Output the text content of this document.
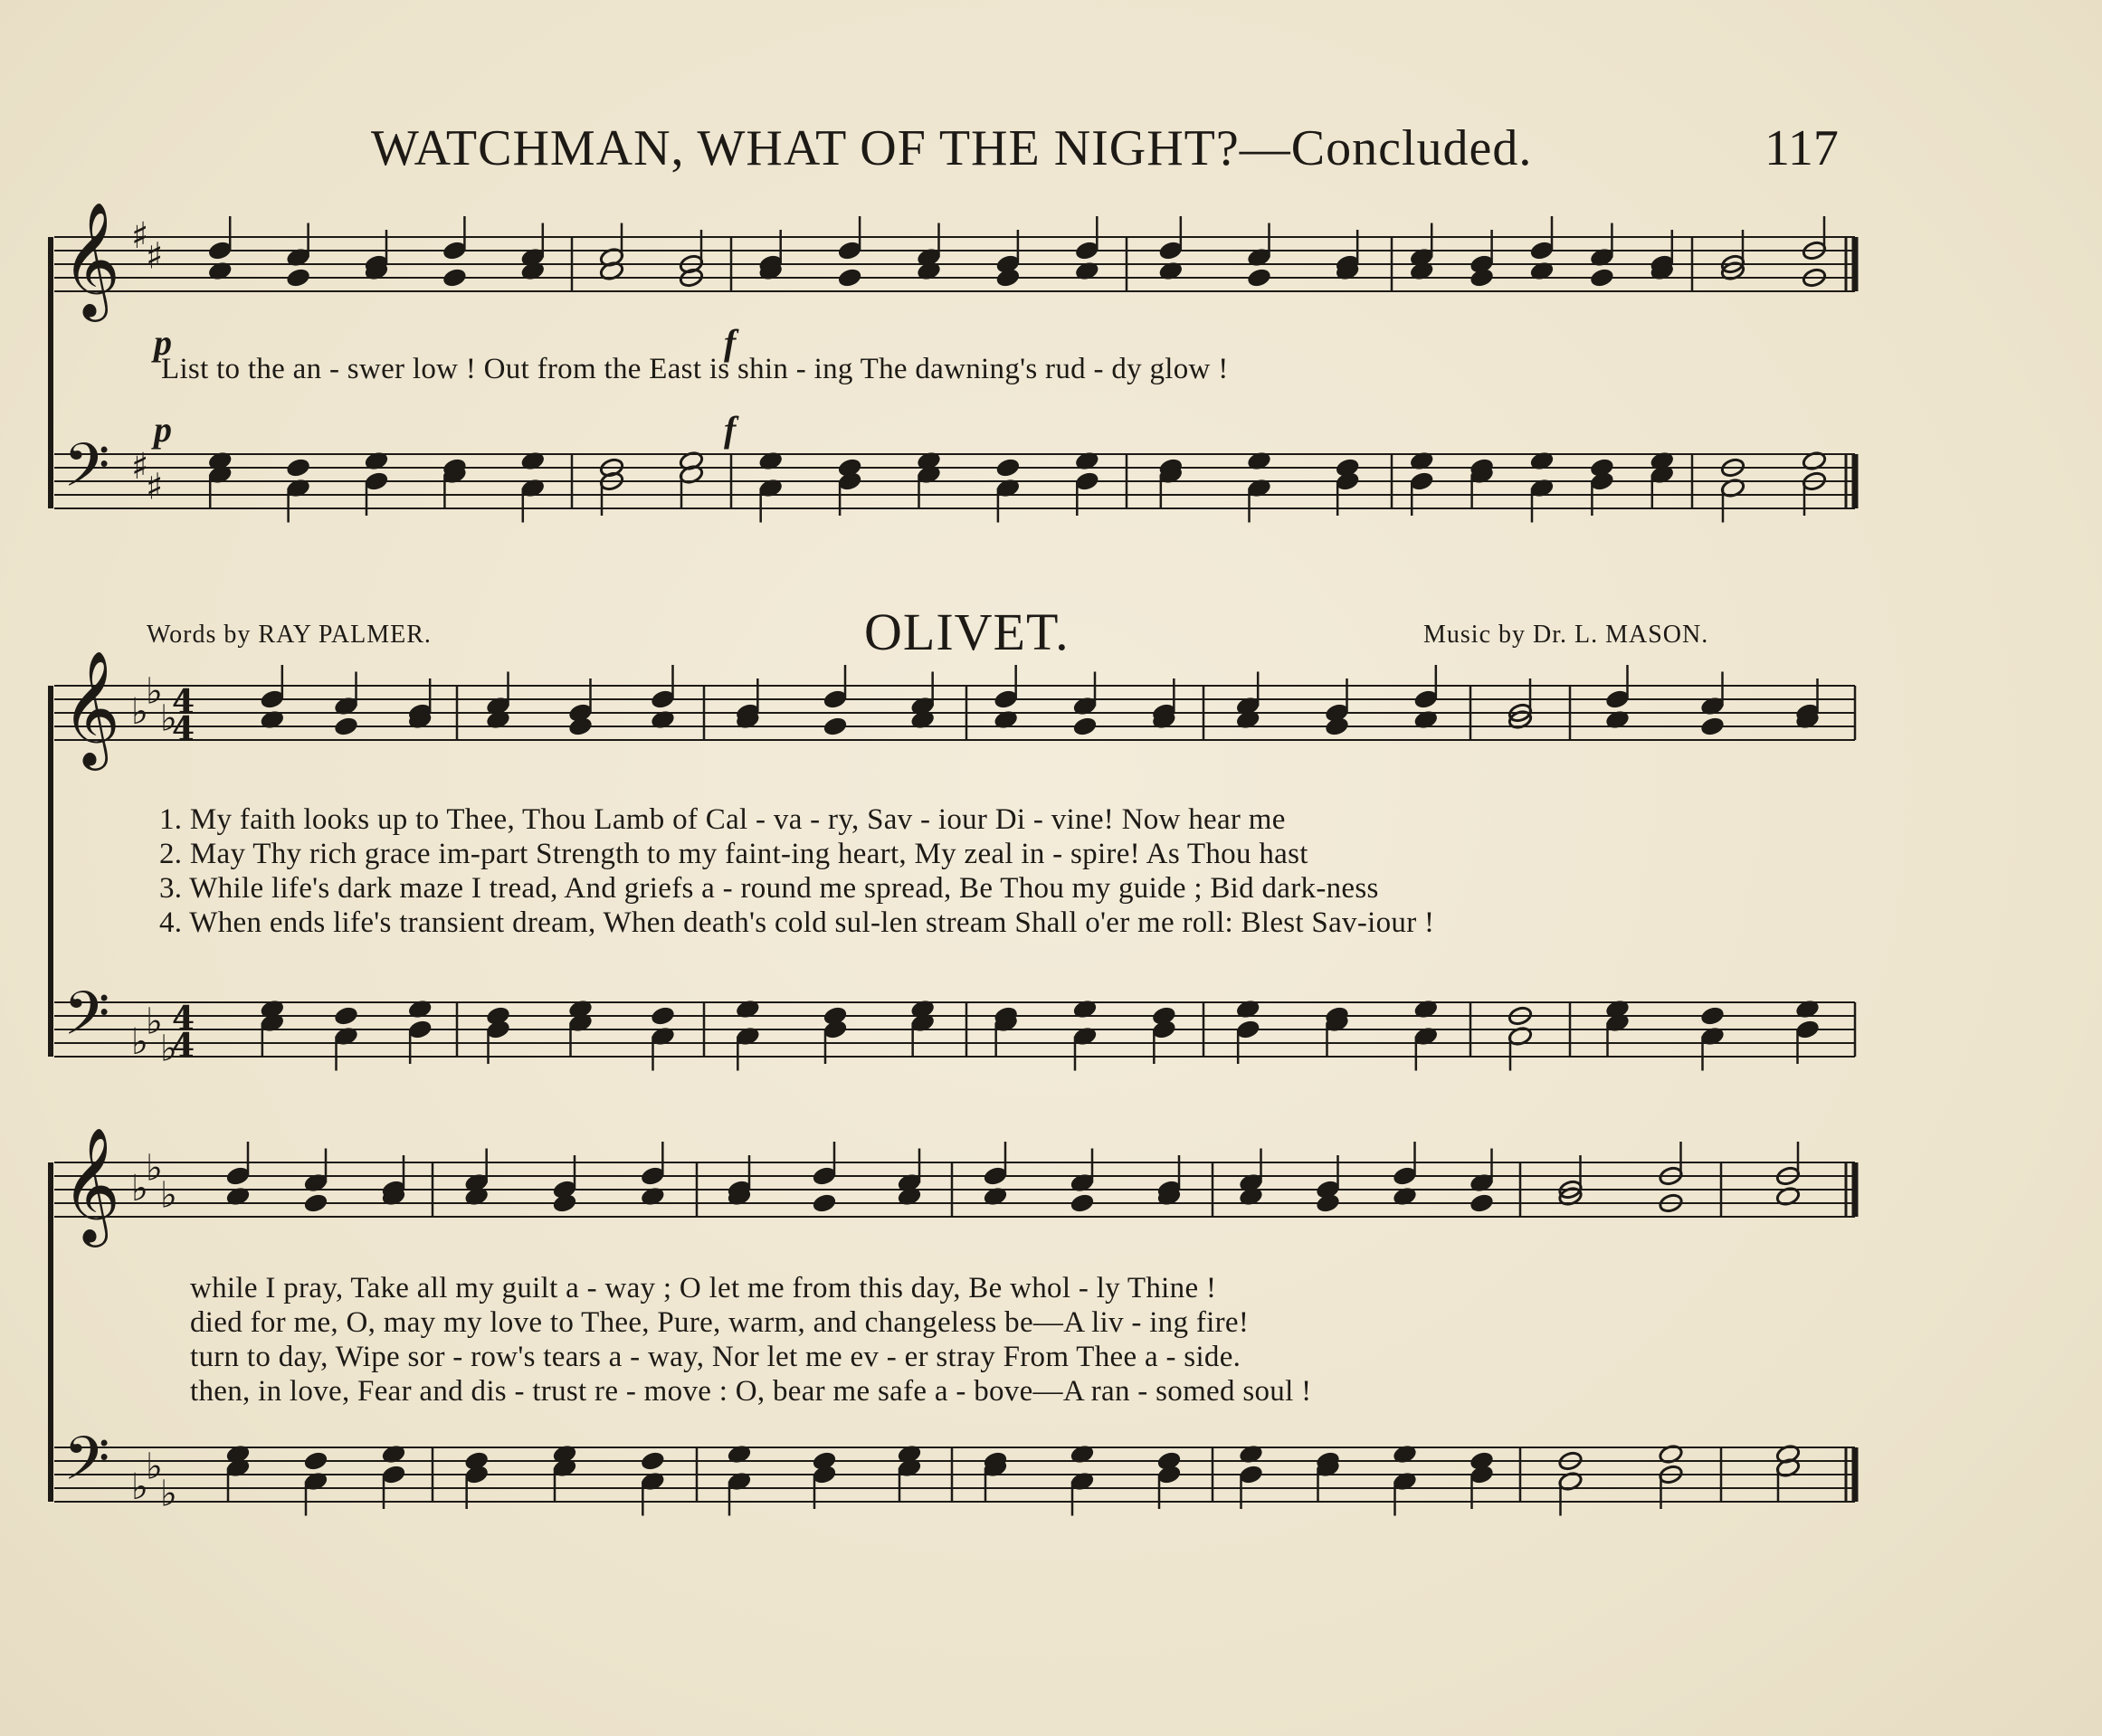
WATCHMAN, WHAT OF THE NIGHT?—Concluded.	117
𝄞
𝄢
♯
♯
♯
♯
𝄞
𝄢
♭
♭
♭
♭
♭
♭
4
4
4
4
𝄞
𝄢
♭
♭
♭
♭
♭
♭
p	f
p	f
List to the an - swer low ! Out from the East is shin - ing The dawning's rud - dy glow !
Words by RAY PALMER.	OLIVET.	Music by Dr. L. MASON.
1. My faith looks up to Thee, Thou Lamb of Cal - va - ry, Sav - iour Di - vine! Now hear me
2. May Thy rich grace im-part Strength to my faint-ing heart, My zeal in - spire! As Thou hast
3. While life's dark maze I tread, And griefs a - round me spread, Be Thou my guide ; Bid dark-ness
4. When ends life's transient dream, When death's cold sul-len stream Shall o'er me roll: Blest Sav-iour !
while I pray, Take all my guilt a - way ; O let me from this day, Be whol - ly Thine !
died for me, O, may my love to Thee, Pure, warm, and changeless be—A liv - ing fire!
turn to day, Wipe sor - row's tears a - way, Nor let me ev - er stray From Thee a - side.
then, in love, Fear and dis - trust re - move : O, bear me safe a - bove—A ran - somed soul !
